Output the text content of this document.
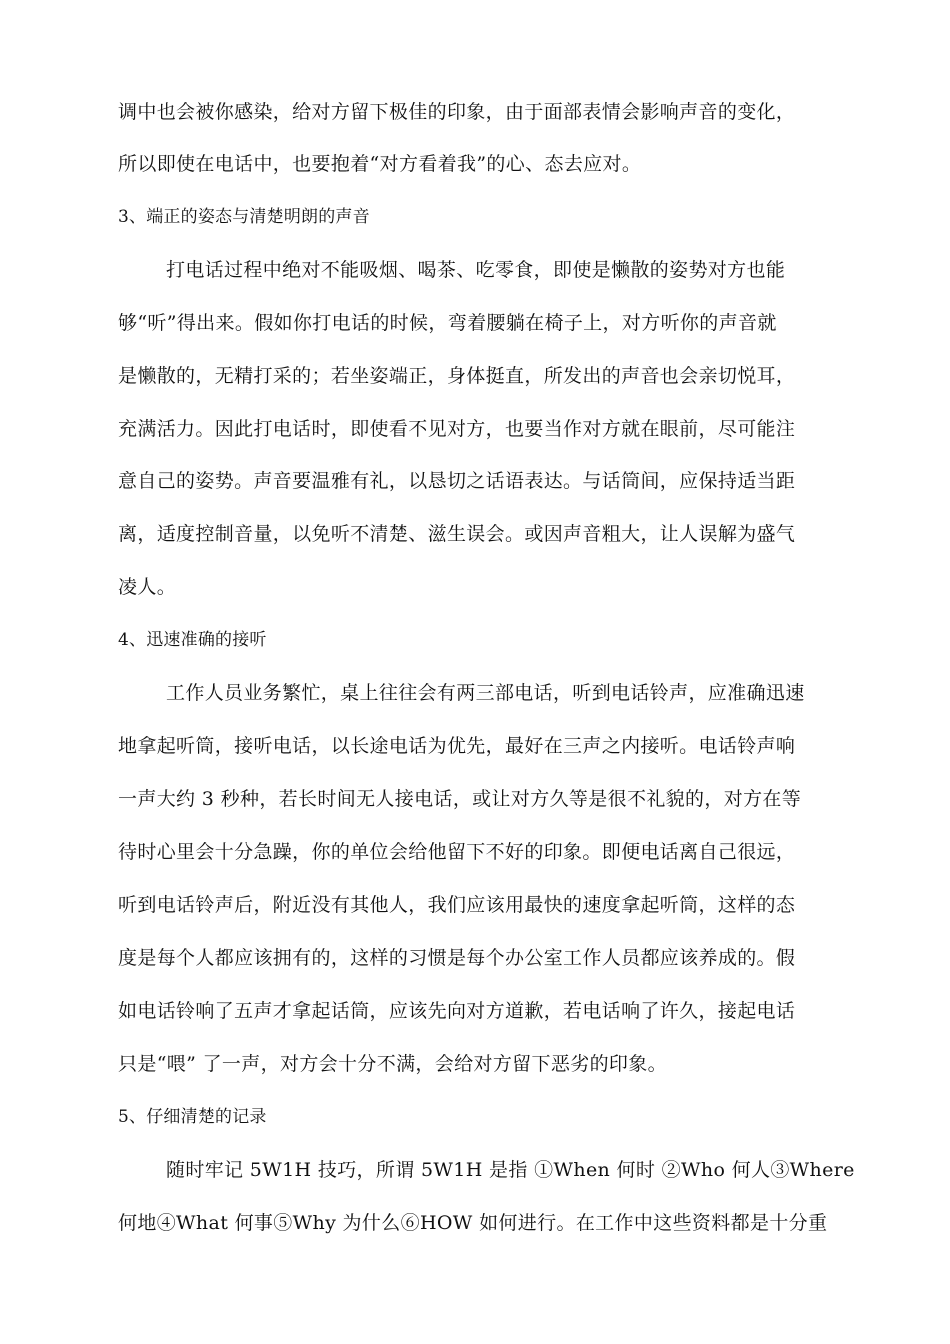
调中也会被你感染，给对方留下极佳的印象，由于面部表情会影响声音的变化，
所以即使在电话中，也要抱着“对方看着我”的心、态去应对。
3、端正的姿态与清楚明朗的声音
打电话过程中绝对不能吸烟、喝茶、吃零食，即使是懒散的姿势对方也能
够“听”得出来。假如你打电话的时候，弯着腰躺在椅子上，对方听你的声音就
是懒散的，无精打采的；若坐姿端正，身体挺直，所发出的声音也会亲切悦耳，
充满活力。因此打电话时，即使看不见对方，也要当作对方就在眼前，尽可能注
意自己的姿势。声音要温雅有礼，以恳切之话语表达。与话筒间，应保持适当距
离，适度控制音量，以免听不清楚、滋生误会。或因声音粗大，让人误解为盛气
凌人。
4、迅速准确的接听
工作人员业务繁忙，桌上往往会有两三部电话，听到电话铃声，应准确迅速
地拿起听筒，接听电话，以长途电话为优先，最好在三声之内接听。电话铃声响
一声大约 3 秒种，若长时间无人接电话，或让对方久等是很不礼貌的，对方在等
待时心里会十分急躁，你的单位会给他留下不好的印象。即便电话离自己很远，
听到电话铃声后，附近没有其他人，我们应该用最快的速度拿起听筒，这样的态
度是每个人都应该拥有的，这样的习惯是每个办公室工作人员都应该养成的。假
如电话铃响了五声才拿起话筒，应该先向对方道歉，若电话响了许久，接起电话
只是“喂” 了一声，对方会十分不满，会给对方留下恶劣的印象。
5、仔细清楚的记录
随时牢记 5W1H 技巧，所谓 5W1H 是指 ①When 何时 ②Who 何人③Where
何地④What 何事⑤Why 为什么⑥HOW 如何进行。在工作中这些资料都是十分重
